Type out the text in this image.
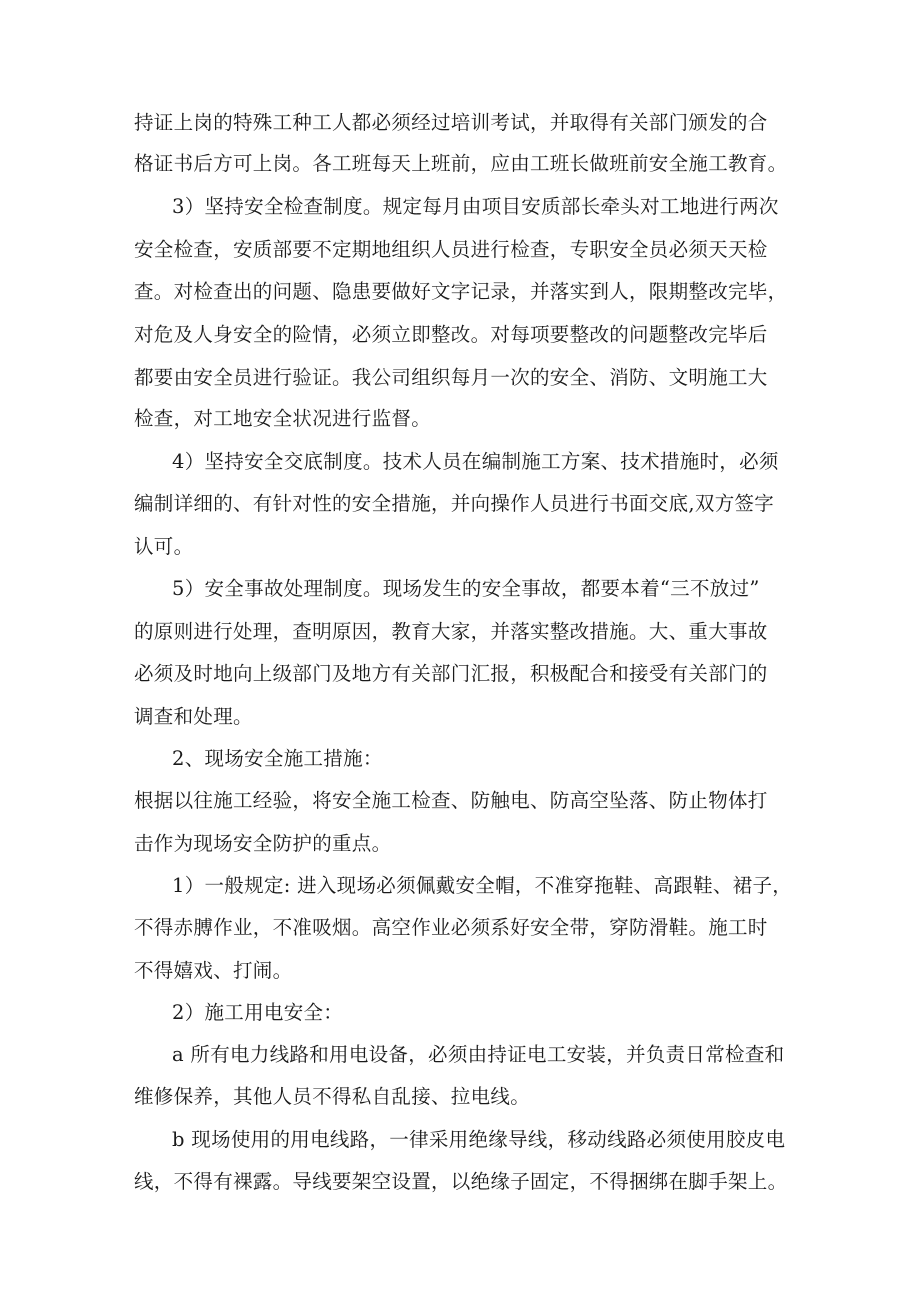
持证上岗的特殊工种工人都必须经过培训考试，并取得有关部门颁发的合
格证书后方可上岗。各工班每天上班前，应由工班长做班前安全施工教育。
3）坚持安全检查制度。规定每月由项目安质部长牵头对工地进行两次
安全检查，安质部要不定期地组织人员进行检查，专职安全员必须天天检
查。对检查出的问题、隐患要做好文字记录，并落实到人，限期整改完毕，
对危及人身安全的险情，必须立即整改。对每项要整改的问题整改完毕后
都要由安全员进行验证。我公司组织每月一次的安全、消防、文明施工大
检查，对工地安全状况进行监督。
4）坚持安全交底制度。技术人员在编制施工方案、技术措施时，必须
编制详细的、有针对性的安全措施，并向操作人员进行书面交底,双方签字
认可。
5）安全事故处理制度。现场发生的安全事故，都要本着“三不放过”
的原则进行处理，查明原因，教育大家，并落实整改措施。大、重大事故
必须及时地向上级部门及地方有关部门汇报，积极配合和接受有关部门的
调查和处理。
2、现场安全施工措施：
根据以往施工经验，将安全施工检查、防触电、防高空坠落、防止物体打
击作为现场安全防护的重点。
1）一般规定: 进入现场必须佩戴安全帽，不准穿拖鞋、高跟鞋、裙子，
不得赤膊作业，不准吸烟。高空作业必须系好安全带，穿防滑鞋。施工时
不得嬉戏、打闹。
2）施工用电安全：
a 所有电力线路和用电设备，必须由持证电工安装，并负责日常检查和
维修保养，其他人员不得私自乱接、拉电线。
b 现场使用的用电线路，一律采用绝缘导线，移动线路必须使用胶皮电
线，不得有裸露。导线要架空设置，以绝缘子固定，不得捆绑在脚手架上。
